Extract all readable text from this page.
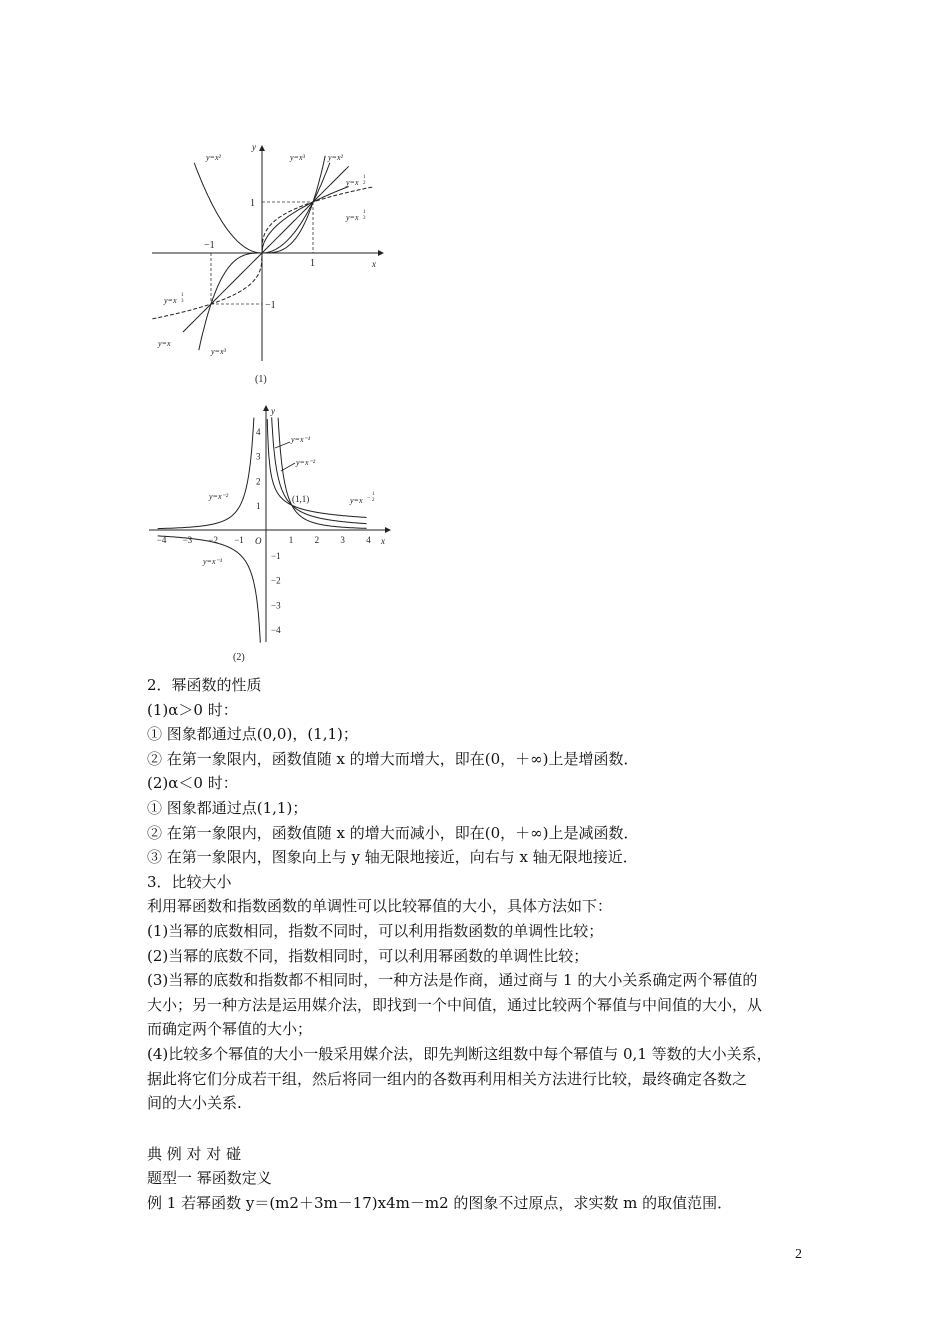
1
1
−1
−1
x
y
y=x²	y=x³	y=x²
y=x
1
2
y=x
1
3
y=x
1
3
y=x
y=x³
(1)
−4 −3 −2 −1	1 2 3 4
4
3
2
1
−1
−2
−3
−4
O	x
y
(1,1)
y=x⁻¹
y=x⁻²
y=x⁻²	y=x −
1
2
y=x⁻¹
(2)
2．幂函数的性质
(1)α＞0 时：
① 图象都通过点(0,0)，(1,1)；
② 在第一象限内，函数值随 x 的增大而增大，即在(0，＋∞)上是增函数．
(2)α＜0 时：
① 图象都通过点(1,1)；
② 在第一象限内，函数值随 x 的增大而减小，即在(0，＋∞)上是减函数．
③ 在第一象限内，图象向上与 y 轴无限地接近，向右与 x 轴无限地接近．
3．比较大小
利用幂函数和指数函数的单调性可以比较幂值的大小，具体方法如下：
(1)当幂的底数相同，指数不同时，可以利用指数函数的单调性比较；
(2)当幂的底数不同，指数相同时，可以利用幂函数的单调性比较；
(3)当幂的底数和指数都不相同时，一种方法是作商，通过商与 1 的大小关系确定两个幂值的
大小；另一种方法是运用媒介法，即找到一个中间值，通过比较两个幂值与中间值的大小，从
而确定两个幂值的大小；
(4)比较多个幂值的大小一般采用媒介法，即先判断这组数中每个幂值与 0,1 等数的大小关系，
据此将它们分成若干组，然后将同一组内的各数再利用相关方法进行比较，最终确定各数之
间的大小关系.
典 例 对 对 碰
题型一 幂函数定义
例 1 若幂函数 y＝(m2＋3m－17)x4m－m2 的图象不过原点，求实数 m 的取值范围．
2
